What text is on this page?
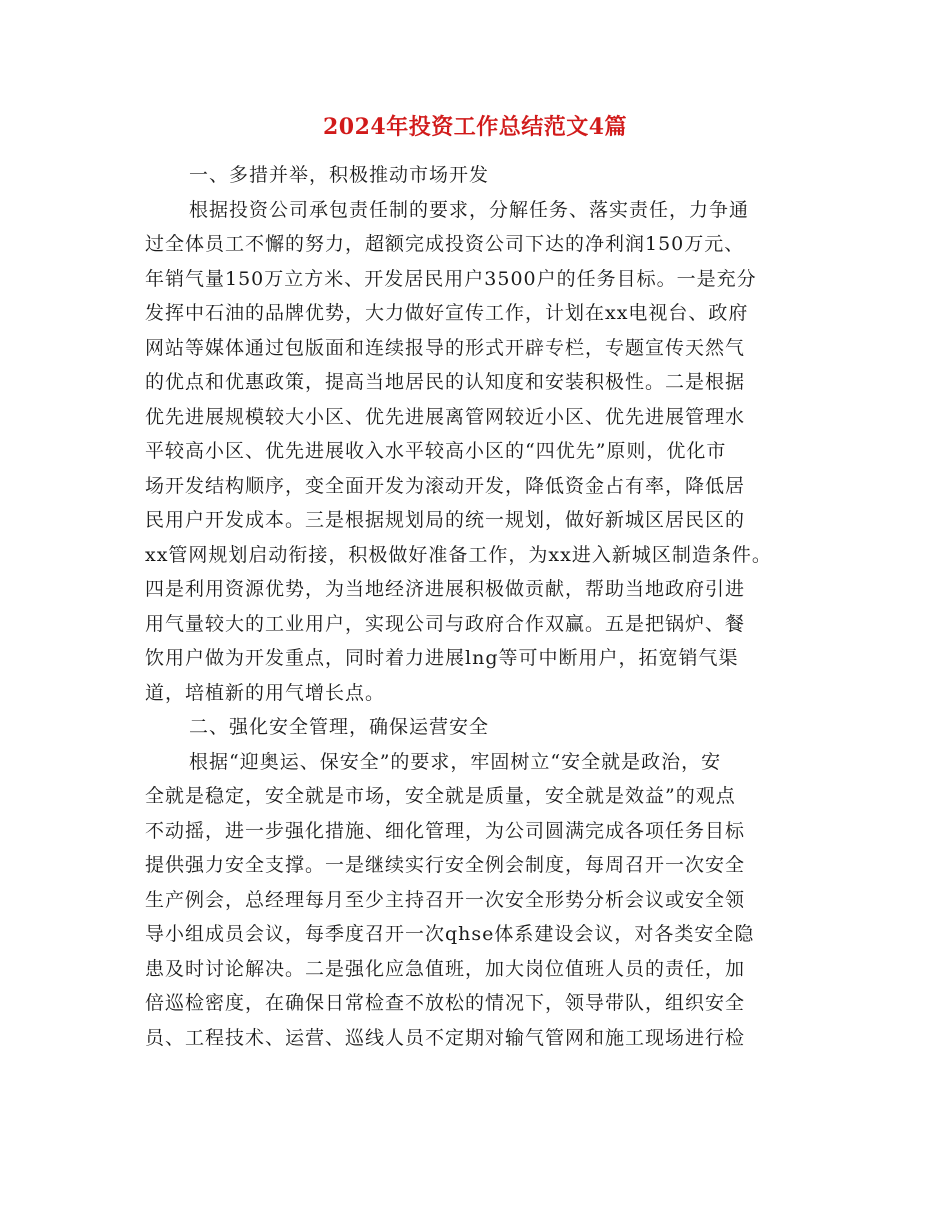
2024年投资工作总结范文4篇
一、多措并举，积极推动市场开发
根据投资公司承包责任制的要求，分解任务、落实责任，力争通
过全体员工不懈的努力，超额完成投资公司下达的净利润150万元、
年销气量150万立方米、开发居民用户3500户的任务目标。一是充分
发挥中石油的品牌优势，大力做好宣传工作，计划在xx电视台、政府
网站等媒体通过包版面和连续报导的形式开辟专栏，专题宣传天然气
的优点和优惠政策，提高当地居民的认知度和安装积极性。二是根据
优先进展规模较大小区、优先进展离管网较近小区、优先进展管理水
平较高小区、优先进展收入水平较高小区的“四优先”原则，优化市
场开发结构顺序，变全面开发为滚动开发，降低资金占有率，降低居
民用户开发成本。三是根据规划局的统一规划，做好新城区居民区的
xx管网规划启动衔接，积极做好准备工作，为xx进入新城区制造条件。
四是利用资源优势，为当地经济进展积极做贡献，帮助当地政府引进
用气量较大的工业用户，实现公司与政府合作双赢。五是把锅炉、餐
饮用户做为开发重点，同时着力进展lng等可中断用户，拓宽销气渠
道，培植新的用气增长点。
二、强化安全管理，确保运营安全
根据“迎奥运、保安全”的要求，牢固树立“安全就是政治，安
全就是稳定，安全就是市场，安全就是质量，安全就是效益”的观点
不动摇，进一步强化措施、细化管理，为公司圆满完成各项任务目标
提供强力安全支撑。一是继续实行安全例会制度，每周召开一次安全
生产例会，总经理每月至少主持召开一次安全形势分析会议或安全领
导小组成员会议，每季度召开一次qhse体系建设会议，对各类安全隐
患及时讨论解决。二是强化应急值班，加大岗位值班人员的责任，加
倍巡检密度，在确保日常检查不放松的情况下，领导带队，组织安全
员、工程技术、运营、巡线人员不定期对输气管网和施工现场进行检
